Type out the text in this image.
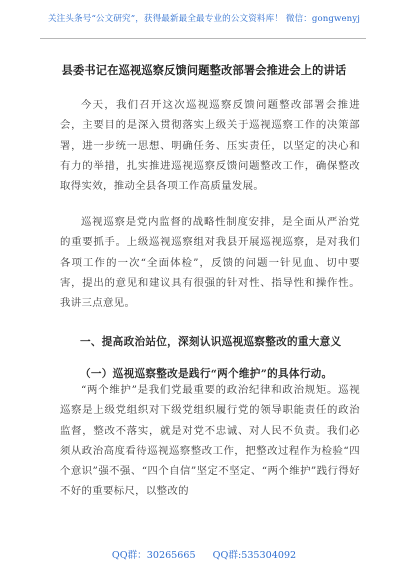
关注头条号“公文研究”，获得最新最全最专业的公文资料库！ 微信：gongwenyj
县委书记在巡视巡察反馈问题整改部署会推进会上的讲话

今天，我们召开这次巡视巡察反馈问题整改部署会推进会，主要目的是深入贯彻落实上级关于巡视巡察工作的决策部署，进一步统一思想、明确任务、压实责任，以坚定的决心和有力的举措，扎实推进巡视巡察反馈问题整改工作，确保整改取得实效，推动全县各项工作高质量发展。

巡视巡察是党内监督的战略性制度安排，是全面从严治党的重要抓手。上级巡视巡察组对我县开展巡视巡察，是对我们各项工作的一次“全面体检”，反馈的问题一针见血、切中要害，提出的意见和建议具有很强的针对性、指导性和操作性。我讲三点意见。

一、提高政治站位，深刻认识巡视巡察整改的重大意义
（一）巡视巡察整改是践行“两个维护”的具体行动。

“两个维护”是我们党最重要的政治纪律和政治规矩。巡视巡察是上级党组织对下级党组织履行党的领导职能责任的政治监督，整改不落实，就是对党不忠诚、对人民不负责。我们必须从政治高度看待巡视巡察整改工作，把整改过程作为检验“四个意识”强不强、“四个自信”坚定不坚定、“两个维护”践行得好不好的重要标尺，以整改的

QQ群：30265665 QQ群:535304092
